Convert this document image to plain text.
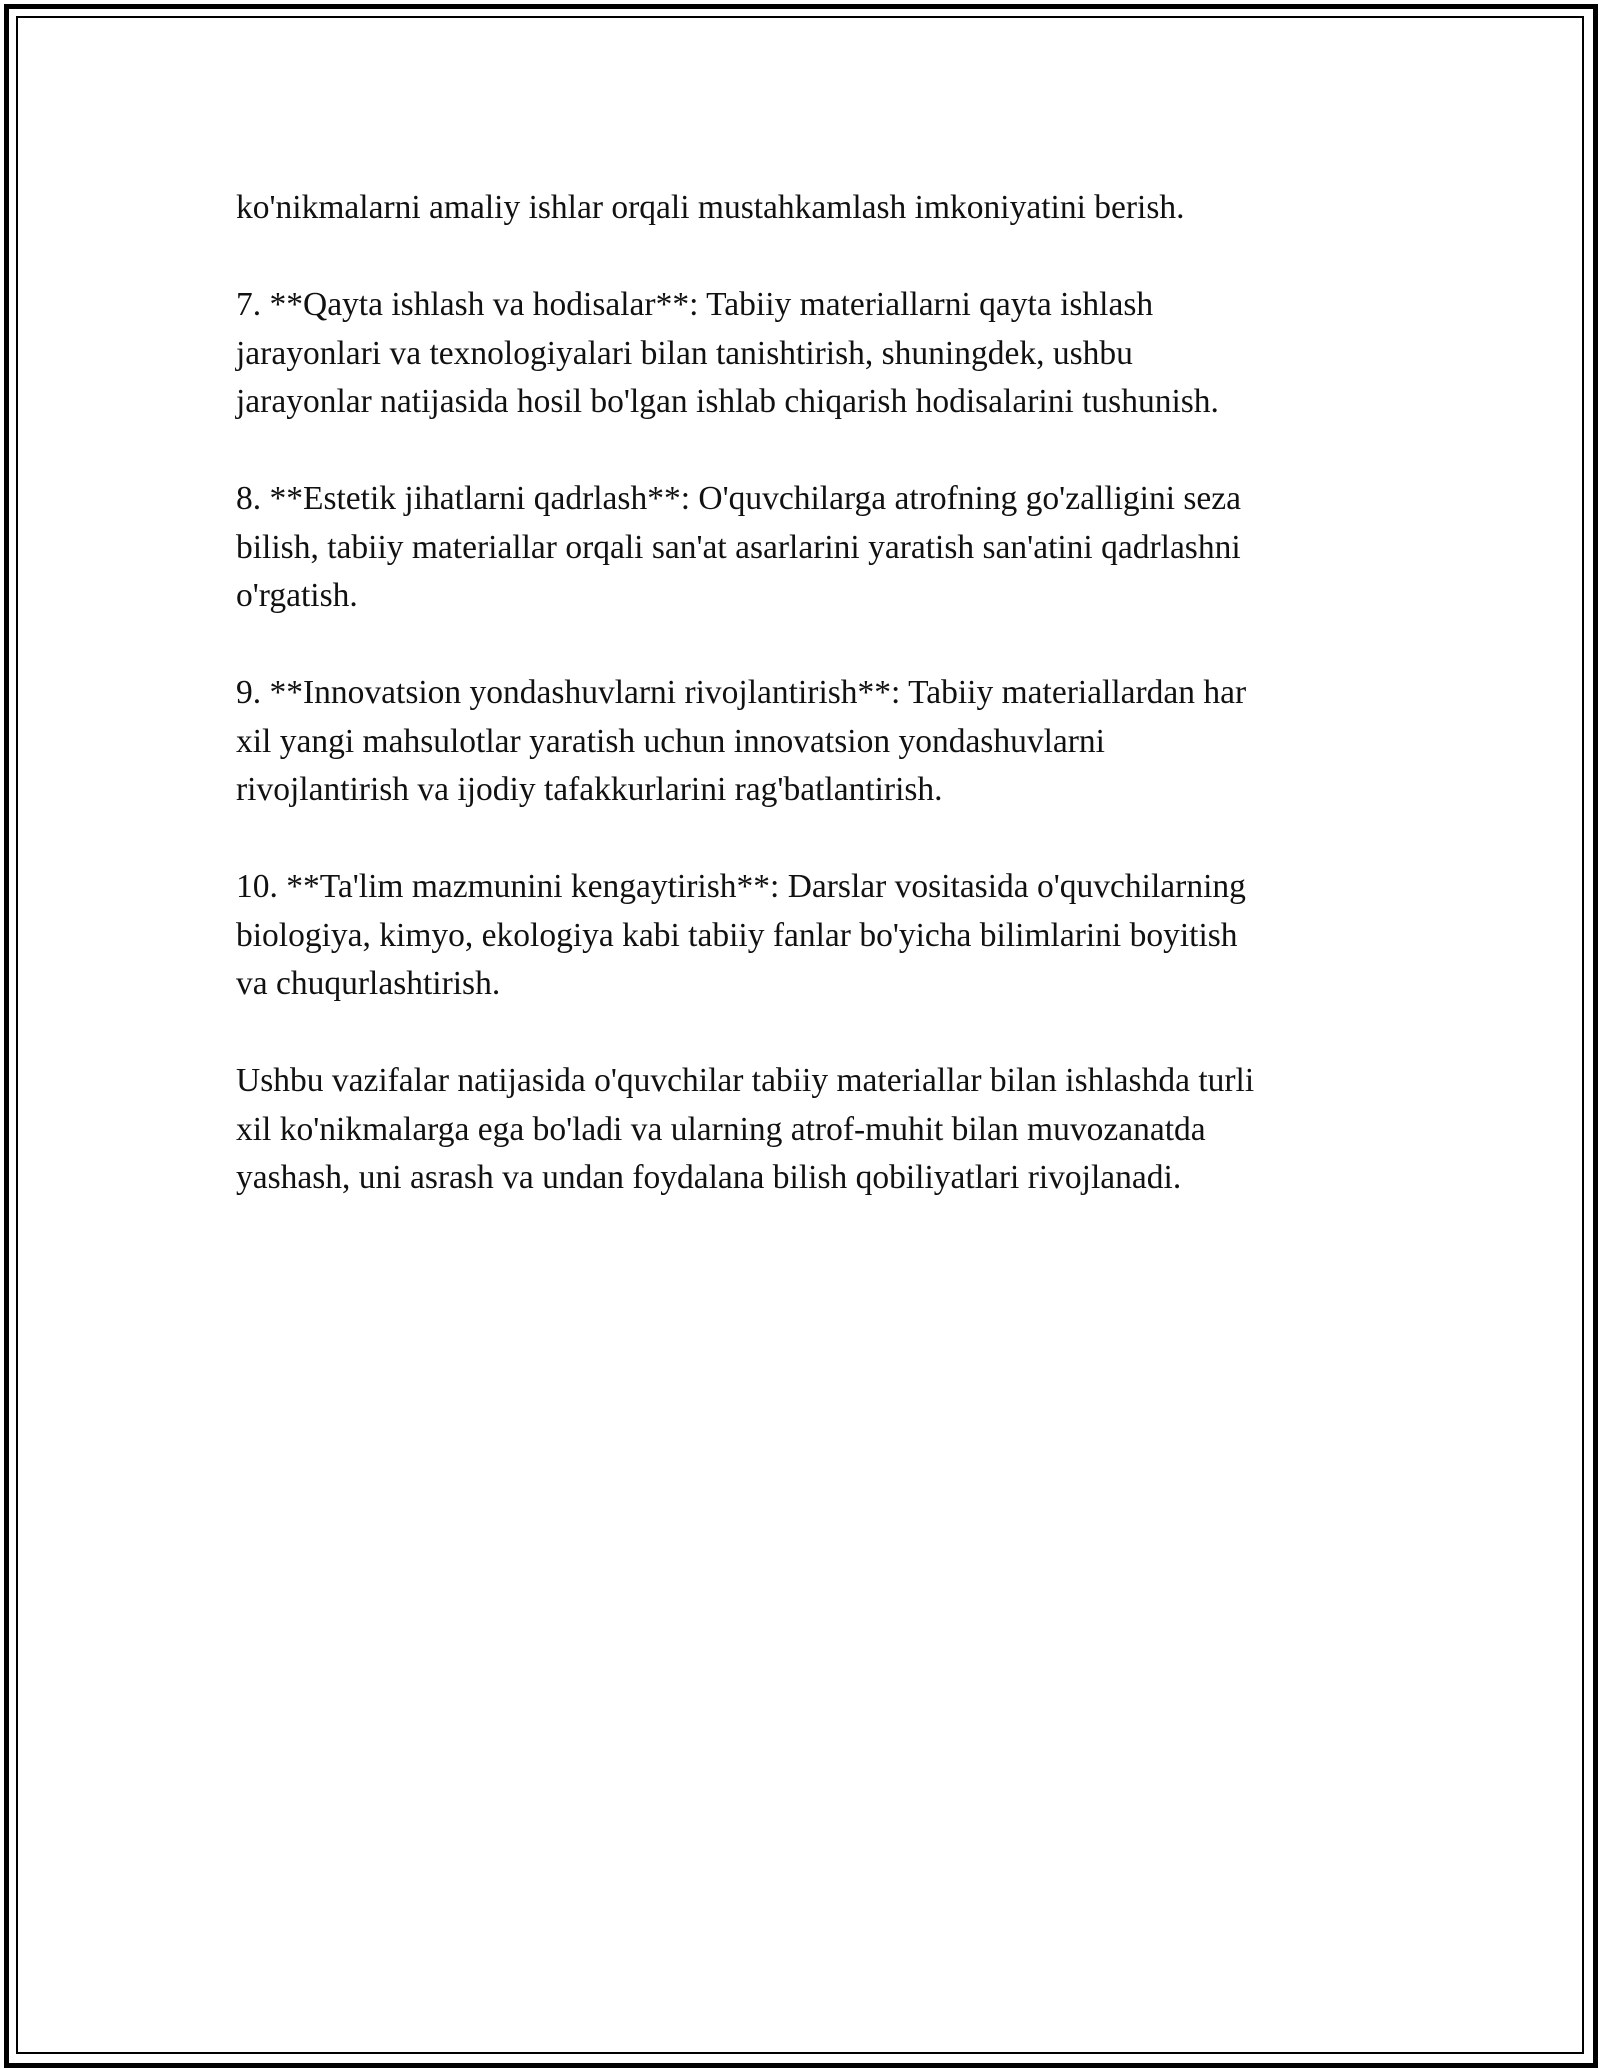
ko'nikmalarni amaliy ishlar orqali mustahkamlash imkoniyatini berish.

7. **Qayta ishlash va hodisalar**: Tabiiy materiallarni qayta ishlash
jarayonlari va texnologiyalari bilan tanishtirish, shuningdek, ushbu
jarayonlar natijasida hosil bo'lgan ishlab chiqarish hodisalarini tushunish.

8. **Estetik jihatlarni qadrlash**: O'quvchilarga atrofning go'zalligini seza
bilish, tabiiy materiallar orqali san'at asarlarini yaratish san'atini qadrlashni
o'rgatish.

9. **Innovatsion yondashuvlarni rivojlantirish**: Tabiiy materiallardan har
xil yangi mahsulotlar yaratish uchun innovatsion yondashuvlarni
rivojlantirish va ijodiy tafakkurlarini rag'batlantirish.

10. **Ta'lim mazmunini kengaytirish**: Darslar vositasida o'quvchilarning
biologiya, kimyo, ekologiya kabi tabiiy fanlar bo'yicha bilimlarini boyitish
va chuqurlashtirish.

Ushbu vazifalar natijasida o'quvchilar tabiiy materiallar bilan ishlashda turli
xil ko'nikmalarga ega bo'ladi va ularning atrof-muhit bilan muvozanatda
yashash, uni asrash va undan foydalana bilish qobiliyatlari rivojlanadi.
